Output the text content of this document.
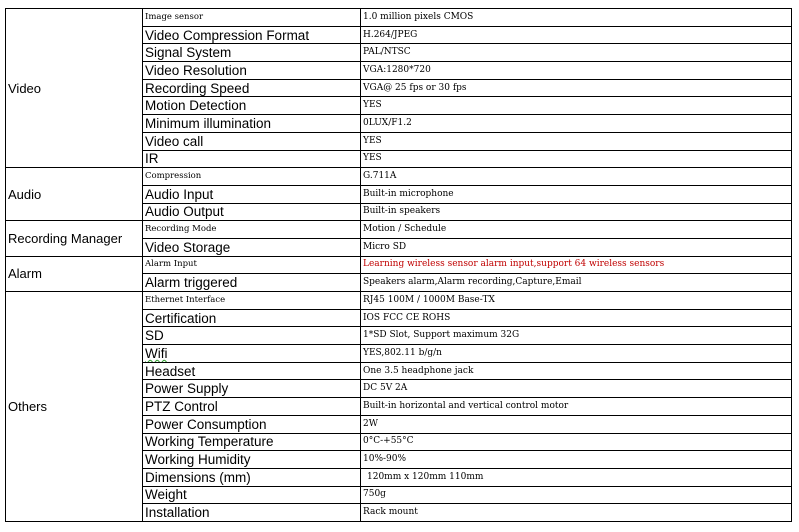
Video	Image sensor	1.0 million pixels CMOS
	Video Compression Format	H.264/JPEG
	Signal System	PAL/NTSC
	Video Resolution	VGA:1280*720
	Recording Speed	VGA@ 25 fps or 30 fps
	Motion Detection	YES
	Minimum illumination	0LUX/F1.2
	Video call	YES
	IR	YES
Audio	Compression	G.711A
	Audio Input	Built-in microphone
	Audio Output	Built-in speakers
Recording Manager	Recording Mode	Motion / Schedule
	Video Storage	Micro SD
Alarm	Alarm Input	Learning wireless sensor alarm input,support 64 wireless sensors
	Alarm triggered	Speakers alarm,Alarm recording,Capture,Email
Others	Ethernet Interface	RJ45 100M / 1000M Base-TX
	Certification	IOS FCC CE ROHS
	SD	1*SD Slot, Support maximum 32G
	Wifi	YES,802.11 b/g/n
	Headset	One 3.5 headphone jack
	Power Supply	DC 5V 2A
	PTZ Control	Built-in horizontal and vertical control motor
	Power Consumption	2W
	Working Temperature	0°C-+55°C
	Working Humidity	10%-90%
	Dimensions (mm)	120mm x 120mm 110mm
	Weight	750g
	Installation	Rack mount
